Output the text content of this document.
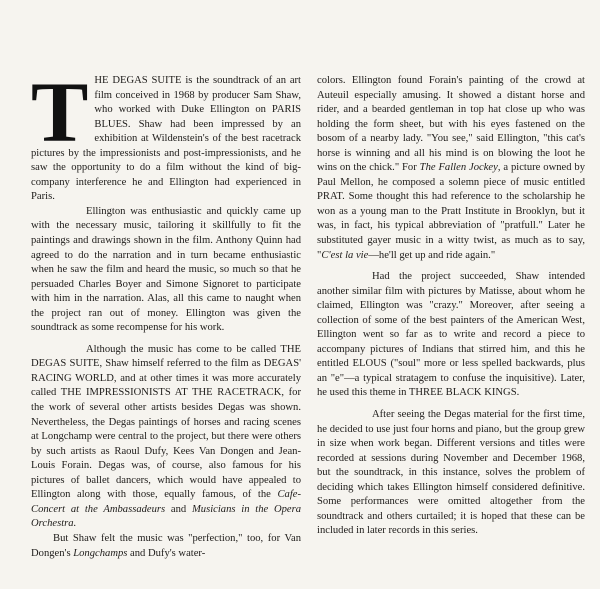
THE DEGAS SUITE is the soundtrack of an art film conceived in 1968 by producer Sam Shaw, who worked with Duke Ellington on PARIS BLUES. Shaw had been impressed by an exhibition at Wildenstein's of the best racetrack pictures by the impressionists and post-impressionists, and he saw the opportunity to do a film without the kind of big-company interference he and Ellington had experienced in Paris.

Ellington was enthusiastic and quickly came up with the necessary music, tailoring it skillfully to fit the paintings and drawings shown in the film. Anthony Quinn had agreed to do the narration and in turn became enthusiastic when he saw the film and heard the music, so much so that he persuaded Charles Boyer and Simone Signoret to participate with him in the narration. Alas, all this came to naught when the project ran out of money. Ellington was given the soundtrack as some recompense for his work.

Although the music has come to be called THE DEGAS SUITE, Shaw himself referred to the film as DEGAS' RACING WORLD, and at other times it was more accurately called THE IMPRESSIONISTS AT THE RACETRACK, for the work of several other artists besides Degas was shown. Nevertheless, the Degas paintings of horses and racing scenes at Longchamp were central to the project, but there were others by such artists as Raoul Dufy, Kees Van Dongen and Jean-Louis Forain. Degas was, of course, also famous for his pictures of ballet dancers, which would have appealed to Ellington along with those, equally famous, of the Cafe-Concert at the Ambassadeurs and Musicians in the Opera Orchestra.

But Shaw felt the music was "perfection," too, for Van Dongen's Longchamps and Dufy's water-

colors. Ellington found Forain's painting of the crowd at Auteuil especially amusing. It showed a distant horse and rider, and a bearded gentleman in top hat close up who was holding the form sheet, but with his eyes fastened on the bosom of a nearby lady. "You see," said Ellington, "this cat's horse is winning and all his mind is on blowing the loot he wins on the chick." For The Fallen Jockey, a picture owned by Paul Mellon, he composed a solemn piece of music entitled PRAT. Some thought this had reference to the scholarship he won as a young man to the Pratt Institute in Brooklyn, but it was, in fact, his typical abbreviation of "pratfull." Later he substituted gayer music in a witty twist, as much as to say, "C'est la vie—he'll get up and ride again."

Had the project succeeded, Shaw intended another similar film with pictures by Matisse, about whom he claimed, Ellington was "crazy." Moreover, after seeing a collection of some of the best painters of the American West, Ellington went so far as to write and record a piece to accompany pictures of Indians that stirred him, and this he entitled ELOUS ("soul" more or less spelled backwards, plus an "e"—a typical stratagem to confuse the inquisitive). Later, he used this theme in THREE BLACK KINGS.

After seeing the Degas material for the first time, he decided to use just four horns and piano, but the group grew in size when work began. Different versions and titles were recorded at sessions during November and December 1968, but the soundtrack, in this instance, solves the problem of deciding which takes Ellington himself considered definitive. Some performances were omitted altogether from the soundtrack and others curtailed; it is hoped that these can be included in later records in this series.
